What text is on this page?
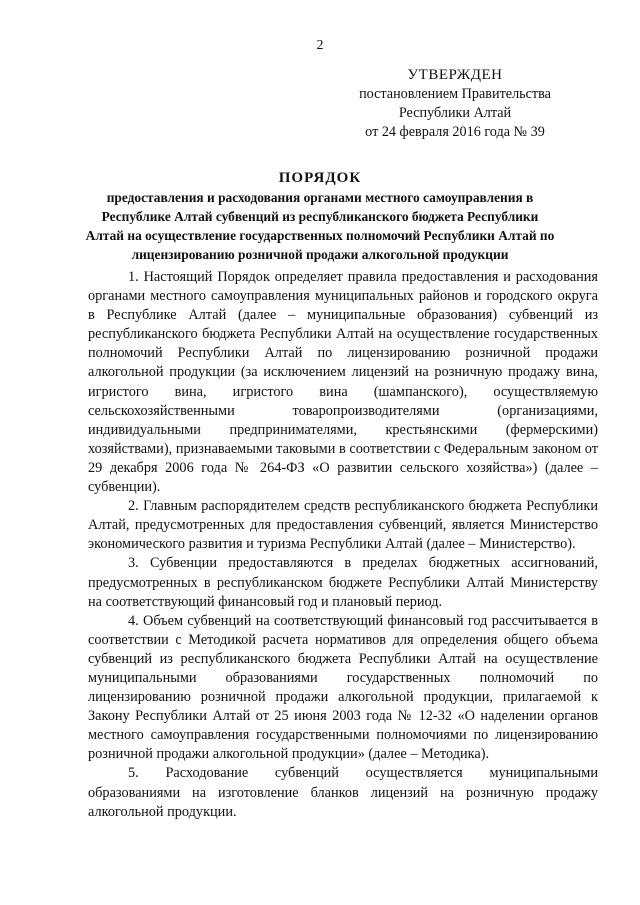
2
УТВЕРЖДЕН
постановлением Правительства
Республики Алтай
от 24 февраля 2016 года № 39
ПОРЯДОК
предоставления и расходования органами местного самоуправления в Республике Алтай субвенций из республиканского бюджета Республики Алтай на осуществление государственных полномочий Республики Алтай по лицензированию розничной продажи алкогольной продукции

1. Настоящий Порядок определяет правила предоставления и расходования органами местного самоуправления муниципальных районов и городского округа в Республике Алтай (далее – муниципальные образования) субвенций из республиканского бюджета Республики Алтай на осуществление государственных полномочий Республики Алтай по лицензированию розничной продажи алкогольной продукции (за исключением лицензий на розничную продажу вина, игристого вина, игристого вина (шампанского), осуществляемую сельскохозяйственными товаропроизводителями (организациями, индивидуальными предпринимателями, крестьянскими (фермерскими) хозяйствами), признаваемыми таковыми в соответствии с Федеральным законом от 29 декабря 2006 года № 264-ФЗ «О развитии сельского хозяйства») (далее – субвенции).

2. Главным распорядителем средств республиканского бюджета Республики Алтай, предусмотренных для предоставления субвенций, является Министерство экономического развития и туризма Республики Алтай (далее – Министерство).

3. Субвенции предоставляются в пределах бюджетных ассигнований, предусмотренных в республиканском бюджете Республики Алтай Министерству на соответствующий финансовый год и плановый период.

4. Объем субвенций на соответствующий финансовый год рассчитывается в соответствии с Методикой расчета нормативов для определения общего объема субвенций из республиканского бюджета Республики Алтай на осуществление муниципальными образованиями государственных полномочий по лицензированию розничной продажи алкогольной продукции, прилагаемой к Закону Республики Алтай от 25 июня 2003 года № 12-32 «О наделении органов местного самоуправления государственными полномочиями по лицензированию розничной продажи алкогольной продукции» (далее – Методика).

5. Расходование субвенций осуществляется муниципальными образованиями на изготовление бланков лицензий на розничную продажу алкогольной продукции.
